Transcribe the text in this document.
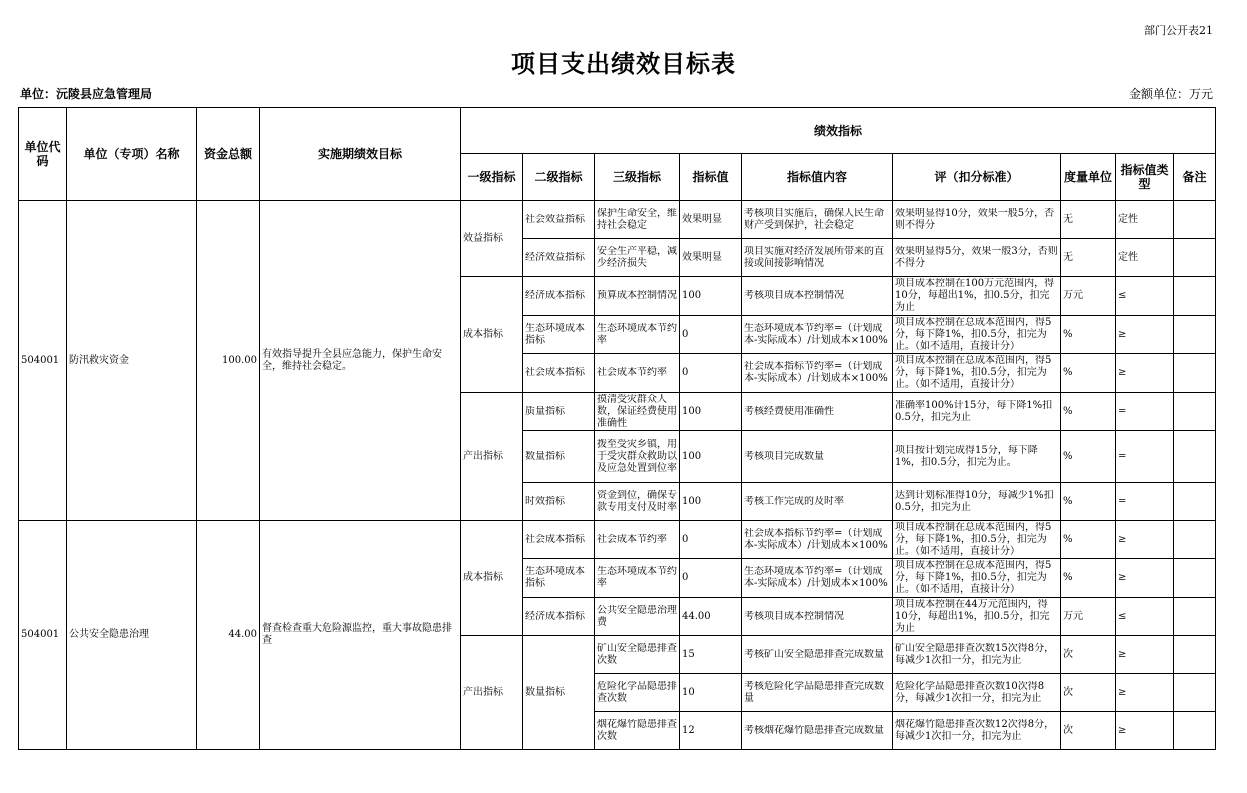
部门公开表21
项目支出绩效目标表
单位：沅陵县应急管理局	金额单位：万元
单位代码	单位（专项）名称	资金总额	实施期绩效目标	绩效指标								
				一级指标	二级指标	三级指标	指标值	指标值内容	评（扣分标准）	度量单位	指标值类型	备注
504001	防汛救灾资金	100.00	有效指导提升全县应急能力，保护生命安全，维持社会稳定。	效益指标	社会效益指标	保护生命安全，维持社会稳定	效果明显	考核项目实施后，确保人民生命财产受到保护，社会稳定	效果明显得10分，效果一般5分，否则不得分	无	定性	

					经济效益指标	安全生产平稳，减少经济损失	效果明显	项目实施对经济发展所带来的直接或间接影响情况	效果明显得5分，效果一般3分，否则不得分	无	定性	
				成本指标	经济成本指标	预算成本控制情况	100	考核项目成本控制情况	项目成本控制在100万元范围内，得10分，每超出1%，扣0.5分，扣完为止	万元	≤	

					生态环境成本指标	生态环境成本节约率	0	生态环境成本节约率=（计划成本-实际成本）/计划成本×100%	项目成本控制在总成本范围内，得5分，每下降1%，扣0.5分，扣完为止。（如不适用，直接计分）	%	≥	

					社会成本指标	社会成本节约率	0	社会成本指标节约率=（计划成本-实际成本）/计划成本×100%	项目成本控制在总成本范围内，得5分，每下降1%，扣0.5分，扣完为止。（如不适用，直接计分）	%	≥	
				产出指标	质量指标	摸清受灾群众人数，保证经费使用准确性	100	考核经费使用准确性	准确率100%计15分，每下降1%扣0.5分，扣完为止	%	=	

					数量指标	拨至受灾乡镇，用于受灾群众救助以及应急处置到位率	100	考核项目完成数量	项目按计划完成得15分，每下降1%，扣0.5分，扣完为止。	%	=	

					时效指标	资金到位，确保专款专用支付及时率	100	考核工作完成的及时率	达到计划标准得10分，每减少1%扣0.5分，扣完为止	%	=	
504001	公共安全隐患治理	44.00	督查检查重大危险源监控，重大事故隐患排查	成本指标	社会成本指标	社会成本节约率	0	社会成本指标节约率=（计划成本-实际成本）/计划成本×100%	项目成本控制在总成本范围内，得5分，每下降1%，扣0.5分，扣完为止。（如不适用，直接计分）	%	≥	

					生态环境成本指标	生态环境成本节约率	0	生态环境成本节约率=（计划成本-实际成本）/计划成本×100%	项目成本控制在总成本范围内，得5分，每下降1%，扣0.5分，扣完为止。（如不适用，直接计分）	%	≥	

					经济成本指标	公共安全隐患治理费	44.00	考核项目成本控制情况	项目成本控制在44万元范围内，得10分，每超出1%，扣0.5分，扣完为止	万元	≤	
				产出指标	数量指标	矿山安全隐患排查次数	15	考核矿山安全隐患排查完成数量	矿山安全隐患排查次数15次得8分，每减少1次扣一分，扣完为止	次	≥	

						危险化学品隐患排查次数	10	考核危险化学品隐患排查完成数量	危险化学品隐患排查次数10次得8分，每减少1次扣一分，扣完为止	次	≥	

						烟花爆竹隐患排查次数	12	考核烟花爆竹隐患排查完成数量	烟花爆竹隐患排查次数12次得8分，每减少1次扣一分，扣完为止	次	≥	
